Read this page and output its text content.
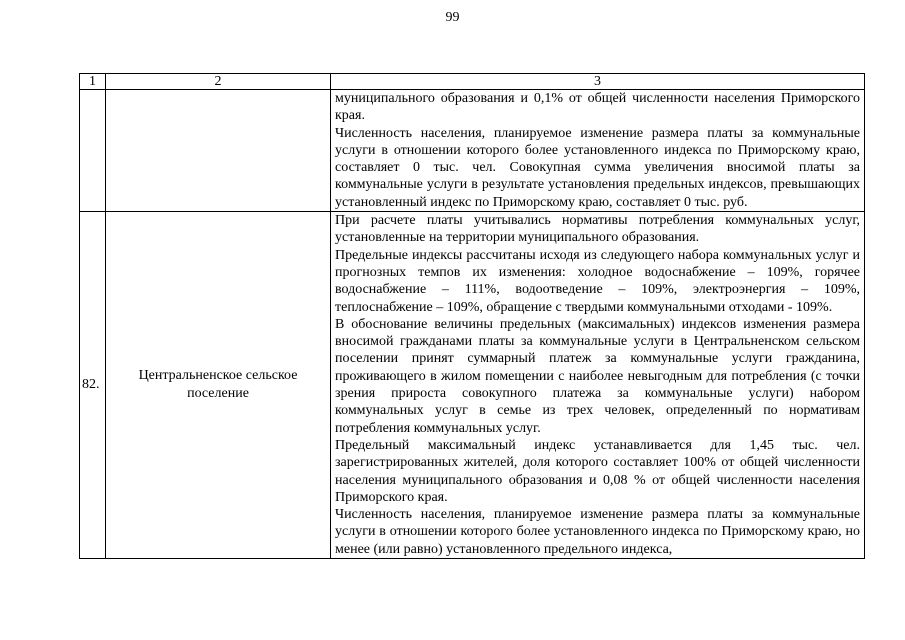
99
1	2	3

		муниципального образования и 0,1% от общей численности населения Приморского края.

Численность населения, планируемое изменение размера платы за коммунальные услуги в отношении которого более установленного индекса по Приморскому краю, составляет 0 тыс. чел. Совокупная сумма увеличения вносимой платы за коммунальные услуги в результате установления предельных индексов, превышающих установленный индекс по Приморскому краю, составляет 0 тыс. руб.

82.	Центральненское сельское поселение	При расчете платы учитывались нормативы потребления коммунальных услуг, установленные на территории муниципального образования.

Предельные индексы рассчитаны исходя из следующего набора коммунальных услуг и прогнозных темпов их изменения: холодное водоснабжение – 109%, горячее водоснабжение – 111%, водоотведение – 109%, электроэнергия – 109%, теплоснабжение – 109%, обращение с твердыми коммунальными отходами - 109%.

В обоснование величины предельных (максимальных) индексов изменения размера вносимой гражданами платы за коммунальные услуги в Центральненском сельском поселении принят суммарный платеж за коммунальные услуги гражданина, проживающего в жилом помещении с наиболее невыгодным для потребления (с точки зрения прироста совокупного платежа за коммунальные услуги) набором коммунальных услуг в семье из трех человек, определенный по нормативам потребления коммунальных услуг.

Предельный максимальный индекс устанавливается для 1,45 тыс. чел. зарегистрированных жителей, доля которого составляет 100% от общей численности населения муниципального образования и 0,08 % от общей численности населения Приморского края.

Численность населения, планируемое изменение размера платы за коммунальные услуги в отношении которого более установленного индекса по Приморскому краю, но менее (или равно) установленного предельного индекса,
